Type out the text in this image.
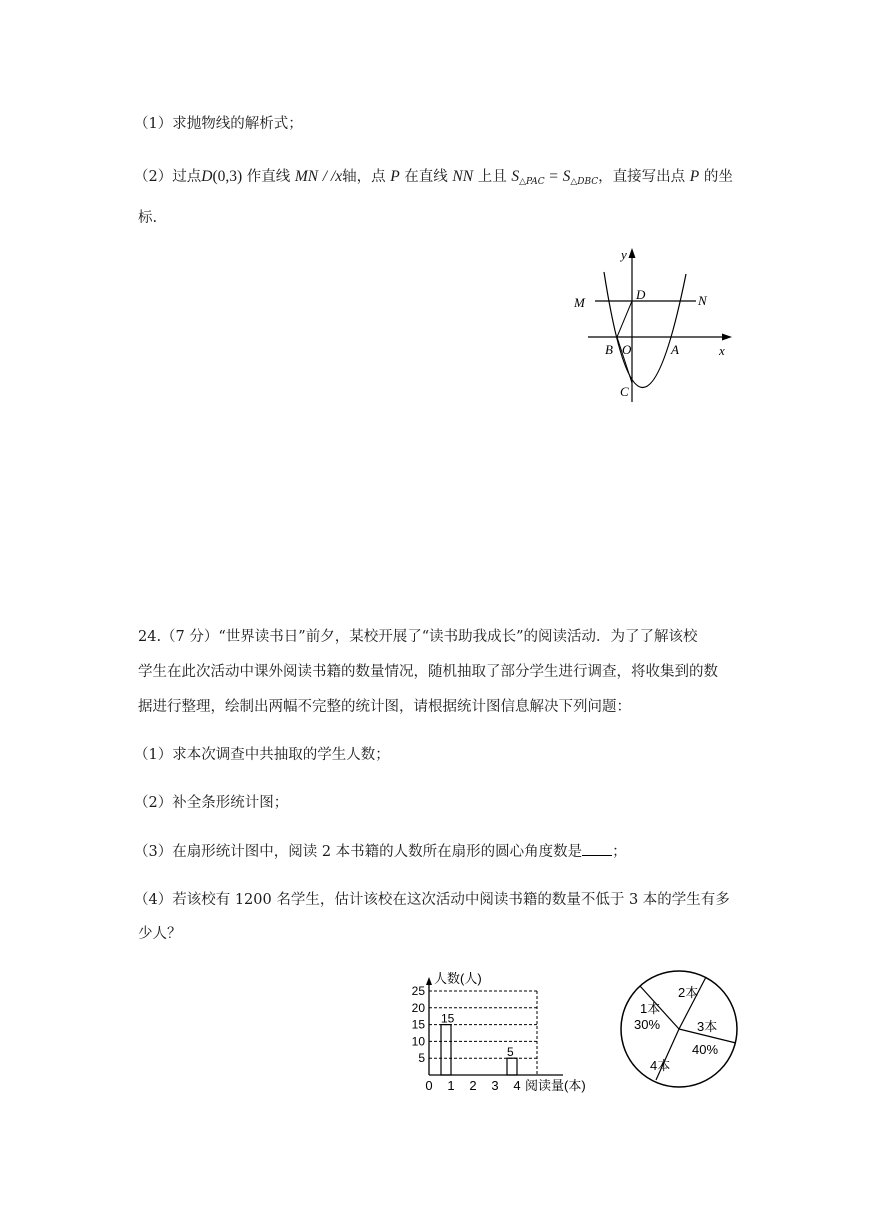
（1）求抛物线的解析式；
（2）过点D(0,3) 作直线 MN / /x轴，点 P 在直线 NN 上且 $S_{\triangle PAC} = S_{\triangle DBC}$，直接写出点 P 的坐
标.
y
x
M	N
D
B O	A
C
24.（7 分）“世界读书日”前夕，某校开展了“读书助我成长”的阅读活动．为了了解该校
学生在此次活动中课外阅读书籍的数量情况，随机抽取了部分学生进行调查，将收集到的数
据进行整理，绘制出两幅不完整的统计图，请根据统计图信息解决下列问题：
（1）求本次调查中共抽取的学生人数；
（2）补全条形统计图；
（3）在扇形统计图中，阅读 2 本书籍的人数所在扇形的圆心角度数是 ；
（4）若该校有 1200 名学生，估计该校在这次活动中阅读书籍的数量不低于 3 本的学生有多
少人？
5
10
15
20
25
15
5
0 1 2 3 4
人数(人)
阅读量(本)
1本
30%
2本
3本
40%
4本
